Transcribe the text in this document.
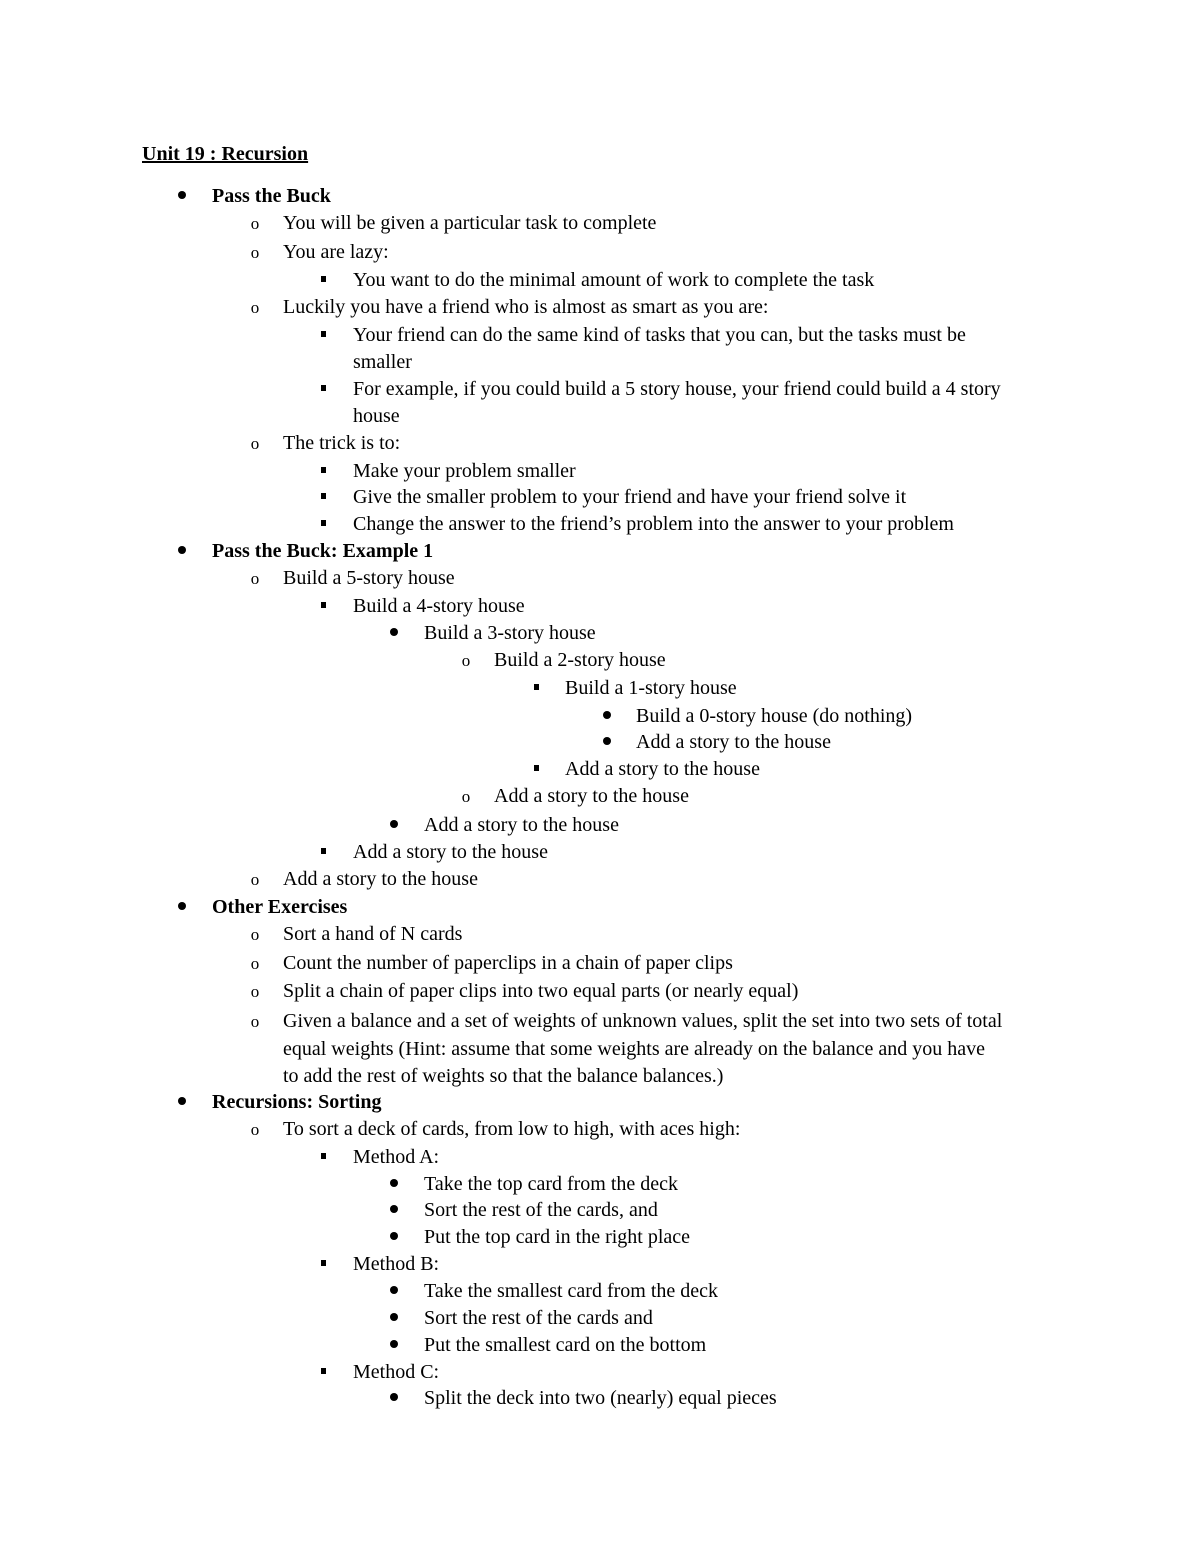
Unit 19 : Recursion
Pass the Buck
o	You will be given a particular task to complete
o	You are lazy:
You want to do the minimal amount of work to complete the task
o	Luckily you have a friend who is almost as smart as you are:
Your friend can do the same kind of tasks that you can, but the tasks must be
smaller
For example, if you could build a 5 story house, your friend could build a 4 story
house
o	The trick is to:
Make your problem smaller
Give the smaller problem to your friend and have your friend solve it
Change the answer to the friend’s problem into the answer to your problem
Pass the Buck: Example 1
o	Build a 5-story house
Build a 4-story house
Build a 3-story house
o	Build a 2-story house
Build a 1-story house
Build a 0-story house (do nothing)
Add a story to the house
Add a story to the house
o	Add a story to the house
Add a story to the house
Add a story to the house
o	Add a story to the house
Other Exercises
o	Sort a hand of N cards
o	Count the number of paperclips in a chain of paper clips
o	Split a chain of paper clips into two equal parts (or nearly equal)
o	Given a balance and a set of weights of unknown values, split the set into two sets of total
equal weights (Hint: assume that some weights are already on the balance and you have
to add the rest of weights so that the balance balances.)
Recursions: Sorting
o	To sort a deck of cards, from low to high, with aces high:
Method A:
Take the top card from the deck
Sort the rest of the cards, and
Put the top card in the right place
Method B:
Take the smallest card from the deck
Sort the rest of the cards and
Put the smallest card on the bottom
Method C:
Split the deck into two (nearly) equal pieces
